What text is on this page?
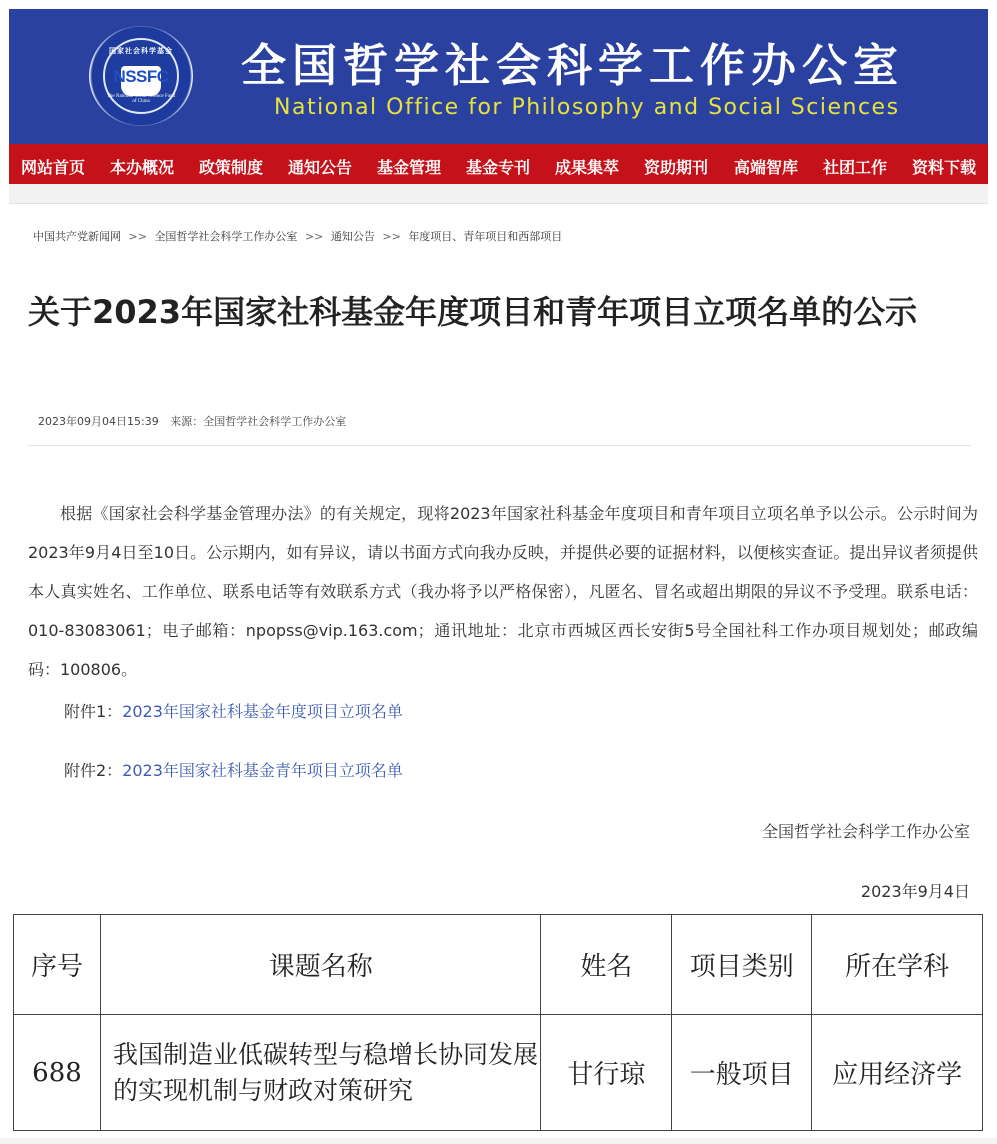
国家社会科学基金
NSSFC
The National Social Science Fund of China
全国哲学社会科学工作办公室
National Office for Philosophy and Social Sciences
网站首页 本办概况 政策制度 通知公告 基金管理 基金专刊 成果集萃 资助期刊 高端智库 社团工作 资料下载
中国共产党新闻网 >> 全国哲学社会科学工作办公室 >> 通知公告 >> 年度项目、青年项目和西部项目
关于2023年国家社科基金年度项目和青年项目立项名单的公示
2023年09月04日15:39 来源：全国哲学社会科学工作办公室

根据《国家社会科学基金管理办法》的有关规定，现将2023年国家社科基金年度项目和青年项目立项名单予以公示。公示时间为2023年9月4日至10日。公示期内，如有异议，请以书面方式向我办反映，并提供必要的证据材料，以便核实查证。提出异议者须提供本人真实姓名、工作单位、联系电话等有效联系方式（我办将予以严格保密），凡匿名、冒名或超出期限的异议不予受理。联系电话：010-83083061；电子邮箱：npopss@vip.163.com；通讯地址：北京市西城区西长安街5号全国社科工作办项目规划处；邮政编码：100806。

附件1：2023年国家社科基金年度项目立项名单
附件2：2023年国家社科基金青年项目立项名单
全国哲学社会科学工作办公室
2023年9月4日
序号	课题名称	姓名	项目类别	所在学科
688	我国制造业低碳转型与稳增长协同发展的实现机制与财政对策研究	甘行琼	一般项目	应用经济学
